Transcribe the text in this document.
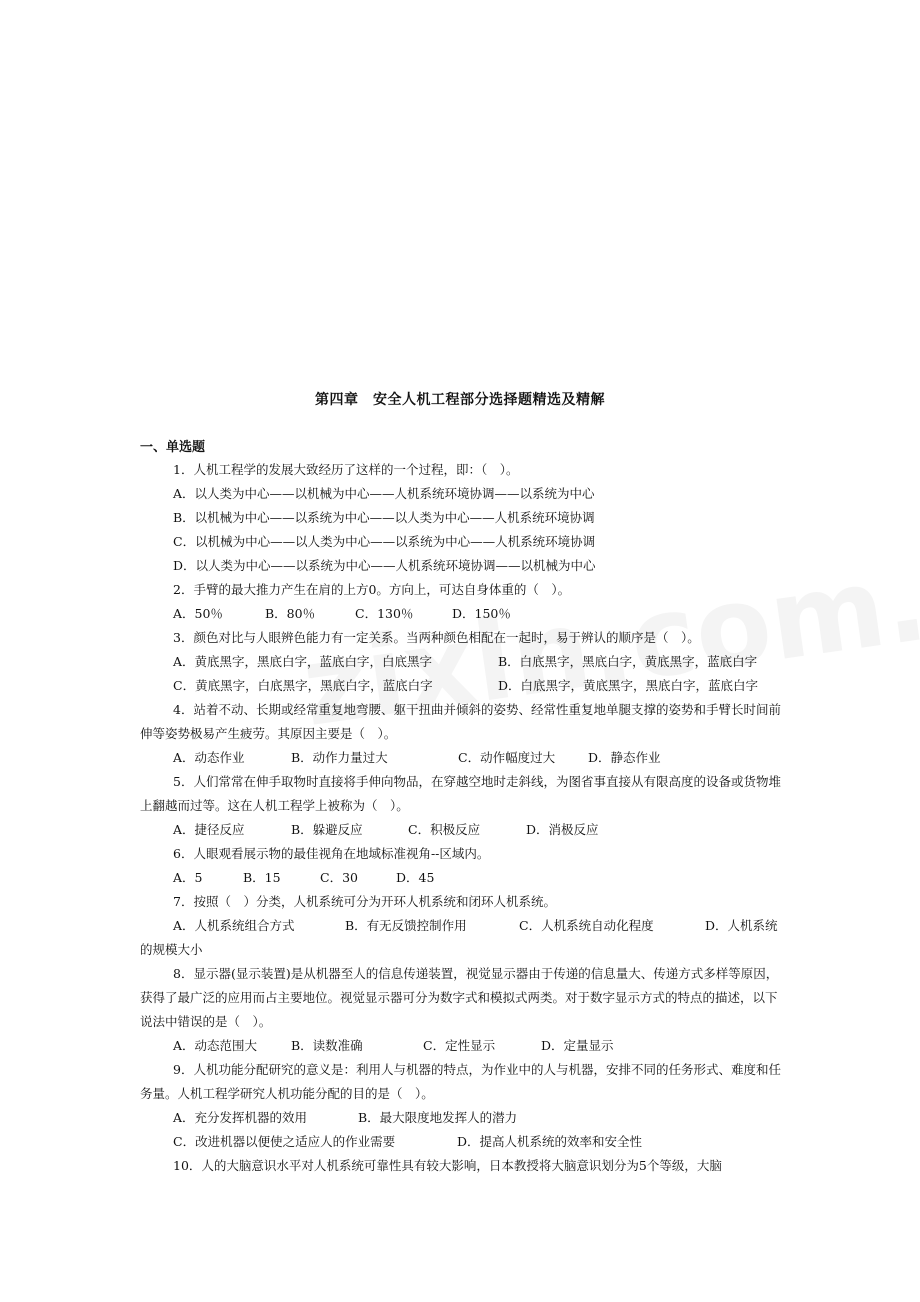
第四章　安全人机工程部分选择题精选及精解
一、单选题
1．人机工程学的发展大致经历了这样的一个过程，即：（　）。
A．以人类为中心——以机械为中心——人机系统环境协调——以系统为中心
B．以机械为中心——以系统为中心——以人类为中心——人机系统环境协调
C．以机械为中心——以人类为中心——以系统为中心——人机系统环境协调
D．以人类为中心——以系统为中心——人机系统环境协调——以机械为中心
2．手臂的最大推力产生在肩的上方0。方向上，可达自身体重的（　）。
A．50％	B．80％	C．130％	D．150％
3．颜色对比与人眼辨色能力有一定关系。当两种颜色相配在一起时，易于辨认的顺序是（　）。
A．黄底黑字，黑底白字，蓝底白字，白底黑字	B．白底黑字，黑底白字，黄底黑字，蓝底白字
C．黄底黑字，白底黑字，黑底白字，蓝底白字	D．白底黑字，黄底黑字，黑底白字，蓝底白字
4．站着不动、长期或经常重复地弯腰、躯干扭曲并倾斜的姿势、经常性重复地单腿支撑的姿势和手臂长时间前伸等姿势极易产生疲劳。其原因主要是（　）。
A．动态作业	B．动作力量过大	C．动作幅度过大	D．静态作业
5．人们常常在伸手取物时直接将手伸向物品，在穿越空地时走斜线，为图省事直接从有限高度的设备或货物堆上翻越而过等。这在人机工程学上被称为（　）。
A．捷径反应	B．躲避反应	C．积极反应	D．消极反应
6．人眼观看展示物的最佳视角在地域标准视角--区域内。
A．5	B．15	C．30	D．45
7．按照（　）分类，人机系统可分为开环人机系统和闭环人机系统。
A．人机系统组合方式	B．有无反馈控制作用	C．人机系统自动化程度	D．人机系统
的规模大小
8．显示器(显示装置)是从机器至人的信息传递装置，视觉显示器由于传递的信息量大、传递方式多样等原因，获得了最广泛的应用而占主要地位。视觉显示器可分为数字式和模拟式两类。对于数字显示方式的特点的描述，以下说法中错误的是（　）。
A．动态范围大	B．读数准确	C．定性显示	D．定量显示
9．人机功能分配研究的意义是：利用人与机器的特点，为作业中的人与机器，安排不同的任务形式、难度和任务量。人机工程学研究人机功能分配的目的是（　）。
A．充分发挥机器的效用	B．最大限度地发挥人的潜力
C．改进机器以便使之适应人的作业需要	D．提高人机系统的效率和安全性
10．人的大脑意识水平对人机系统可靠性具有较大影响，日本教授将大脑意识划分为5个等级，大脑
